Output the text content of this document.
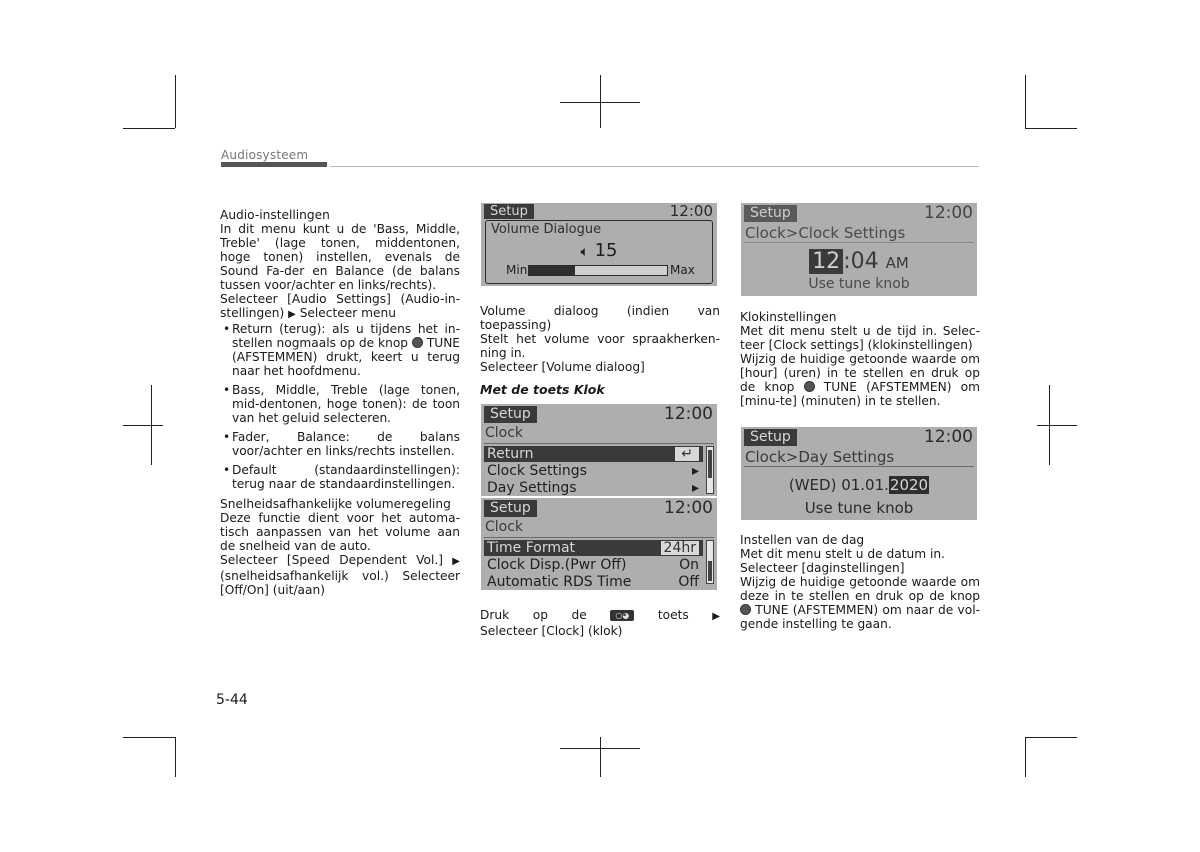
Audiosysteem

Audio-instellingen

In dit menu kunt u de 'Bass, Middle, Treble' (lage tonen, middentonen, hoge tonen) instellen, evenals de Sound Fa-der en Balance (de balans tussen voor/achter en links/rechts).

Selecteer [Audio Settings] (Audio-in-stellingen) ▶ Selecteer menu

• Return (terug): als u tijdens het in-stellen nogmaals op de knop TUNE (AFSTEMMEN) drukt, keert u terug naar het hoofdmenu.

• Bass, Middle, Treble (lage tonen, mid-dentonen, hoge tonen): de toon van het geluid selecteren.

• Fader, Balance: de balans voor/achter en links/rechts instellen.

• Default (standaardinstellingen): terug naar de standaardinstellingen.

Snelheidsafhankelijke volumeregeling

Deze functie dient voor het automa-tisch aanpassen van het volume aan de snelheid van de auto.

Selecteer [Speed Dependent Vol.] ▶ (snelheidsafhankelijk vol.) Selecteer [Off/On] (uit/aan)

Setup	12:00
Volume Dialogue
🔈︎ 15
Min	Max

Volume dialoog (indien van toepassing)

Stelt het volume voor spraakherken-ning in.

Selecteer [Volume dialoog]

Met de toets Klok

Setup	12:00
Clock
Return	↵
Clock Settings	▸
Day Settings	▸
Setup	12:00
Clock
Time Format	24hr
Clock Disp.(Pwr Off)	On
Automatic RDS Time	Off

Druk op de	○◕ toets ▶ Selecteer [Clock] (klok)

Setup	12:00
Clock>Clock Settings
12 :04 AM
Use tune knob

Klokinstellingen

Met dit menu stelt u de tijd in. Selec-teer [Clock settings] (klokinstellingen)

Wijzig de huidige getoonde waarde om [hour] (uren) in te stellen en druk op de knop TUNE (AFSTEMMEN) om [minu-te] (minuten) in te stellen.

Setup	12:00
Clock>Day Settings
(WED) 01.01.2020
Use tune knob

Instellen van de dag

Met dit menu stelt u de datum in.

Selecteer [daginstellingen]

Wijzig de huidige getoonde waarde om deze in te stellen en druk op de knop  TUNE (AFSTEMMEN) om naar de vol-gende instelling te gaan.

5-44
